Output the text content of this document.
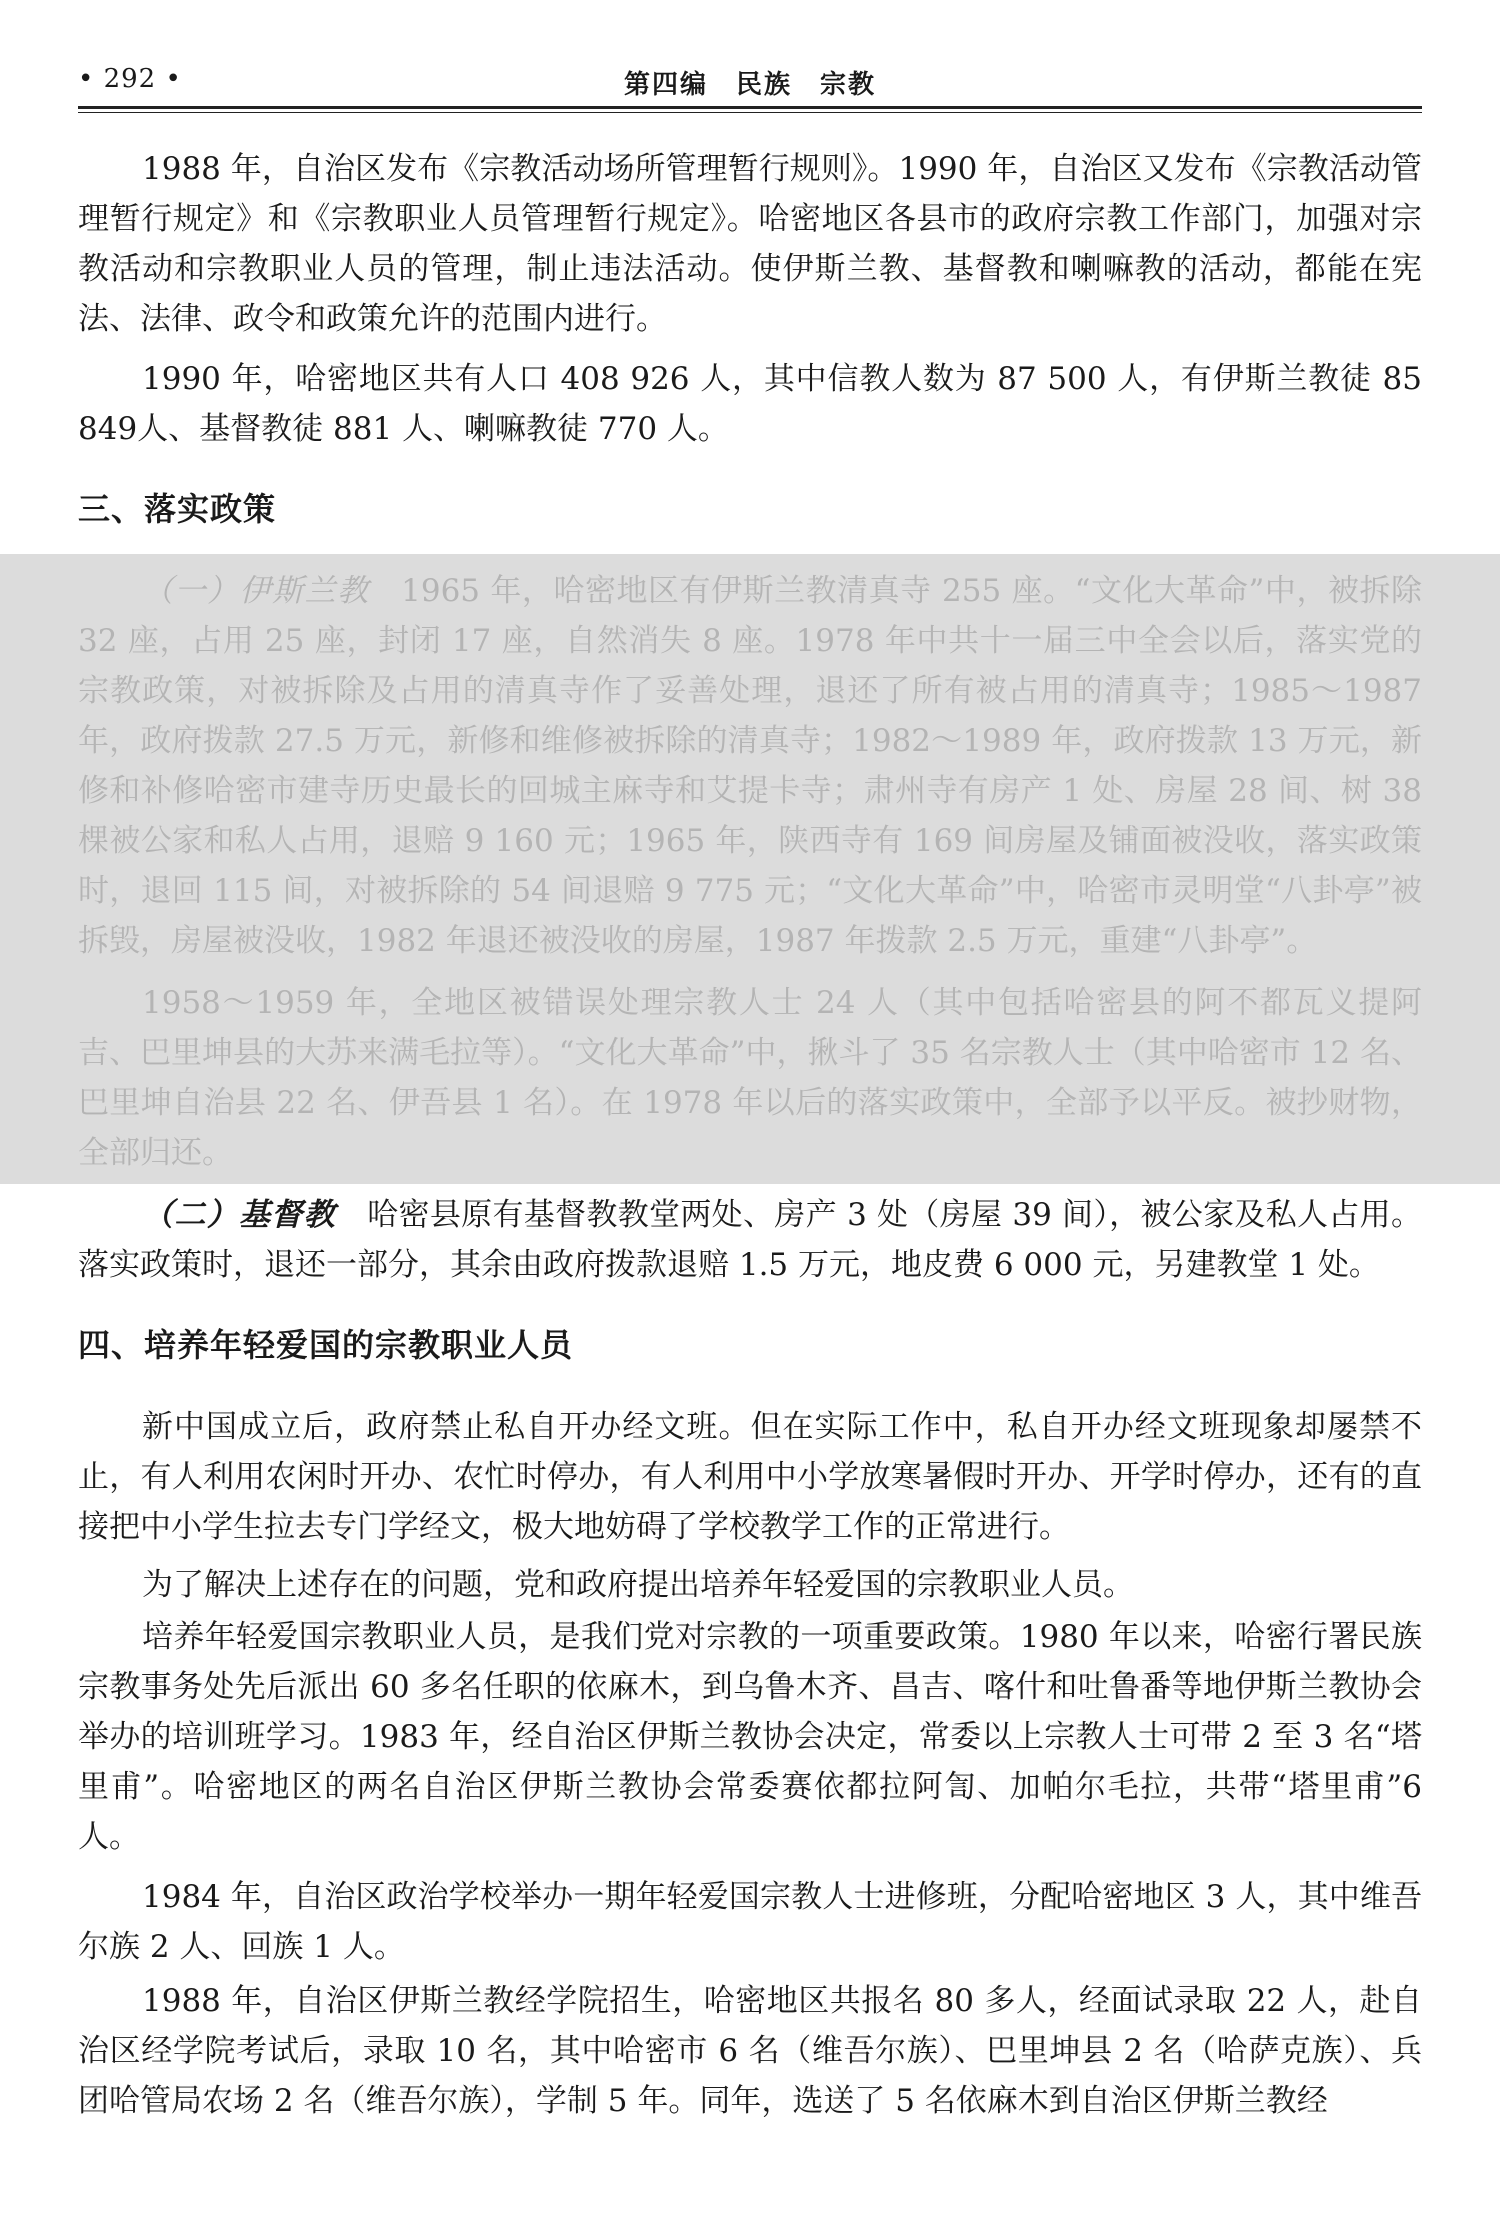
• 292 •	第四编　民族　宗教

1988 年，自治区发布《宗教活动场所管理暂行规则》。1990 年，自治区又发布《宗教活动管理暂行规定》和《宗教职业人员管理暂行规定》。哈密地区各县市的政府宗教工作部门，加强对宗教活动和宗教职业人员的管理，制止违法活动。使伊斯兰教、基督教和喇嘛教的活动，都能在宪法、法律、政令和政策允许的范围内进行。

1990 年，哈密地区共有人口 408 926 人，其中信教人数为 87 500 人，有伊斯兰教徒 85 849人、基督教徒 881 人、喇嘛教徒 770 人。

三、落实政策

（一）伊斯兰教　1965 年，哈密地区有伊斯兰教清真寺 255 座。“文化大革命”中，被拆除 32 座，占用 25 座，封闭 17 座，自然消失 8 座。1978 年中共十一届三中全会以后，落实党的宗教政策，对被拆除及占用的清真寺作了妥善处理，退还了所有被占用的清真寺；1985～1987 年，政府拨款 27.5 万元，新修和维修被拆除的清真寺；1982～1989 年，政府拨款 13 万元，新修和补修哈密市建寺历史最长的回城主麻寺和艾提卡寺；肃州寺有房产 1 处、房屋 28 间、树 38 棵被公家和私人占用，退赔 9 160 元；1965 年，陕西寺有 169 间房屋及铺面被没收，落实政策时，退回 115 间，对被拆除的 54 间退赔 9 775 元；“文化大革命”中，哈密市灵明堂“八卦亭”被拆毁，房屋被没收，1982 年退还被没收的房屋，1987 年拨款 2.5 万元，重建“八卦亭”。

1958～1959 年，全地区被错误处理宗教人士 24 人（其中包括哈密县的阿不都瓦义提阿吉、巴里坤县的大苏来满毛拉等）。“文化大革命”中，揪斗了 35 名宗教人士（其中哈密市 12 名、巴里坤自治县 22 名、伊吾县 1 名）。在 1978 年以后的落实政策中，全部予以平反。被抄财物，全部归还。

（二）基督教　哈密县原有基督教教堂两处、房产 3 处（房屋 39 间），被公家及私人占用。落实政策时，退还一部分，其余由政府拨款退赔 1.5 万元，地皮费 6 000 元，另建教堂 1 处。

四、培养年轻爱国的宗教职业人员

新中国成立后，政府禁止私自开办经文班。但在实际工作中，私自开办经文班现象却屡禁不止，有人利用农闲时开办、农忙时停办，有人利用中小学放寒暑假时开办、开学时停办，还有的直接把中小学生拉去专门学经文，极大地妨碍了学校教学工作的正常进行。

为了解决上述存在的问题，党和政府提出培养年轻爱国的宗教职业人员。

培养年轻爱国宗教职业人员，是我们党对宗教的一项重要政策。1980 年以来，哈密行署民族宗教事务处先后派出 60 多名任职的依麻木，到乌鲁木齐、昌吉、喀什和吐鲁番等地伊斯兰教协会举办的培训班学习。1983 年，经自治区伊斯兰教协会决定，常委以上宗教人士可带 2 至 3 名“塔里甫”。哈密地区的两名自治区伊斯兰教协会常委赛依都拉阿訇、加帕尔毛拉，共带“塔里甫”6 人。

1984 年，自治区政治学校举办一期年轻爱国宗教人士进修班，分配哈密地区 3 人，其中维吾尔族 2 人、回族 1 人。

1988 年，自治区伊斯兰教经学院招生，哈密地区共报名 80 多人，经面试录取 22 人，赴自治区经学院考试后，录取 10 名，其中哈密市 6 名（维吾尔族）、巴里坤县 2 名（哈萨克族）、兵团哈管局农场 2 名（维吾尔族），学制 5 年。同年，选送了 5 名依麻木到自治区伊斯兰教经
